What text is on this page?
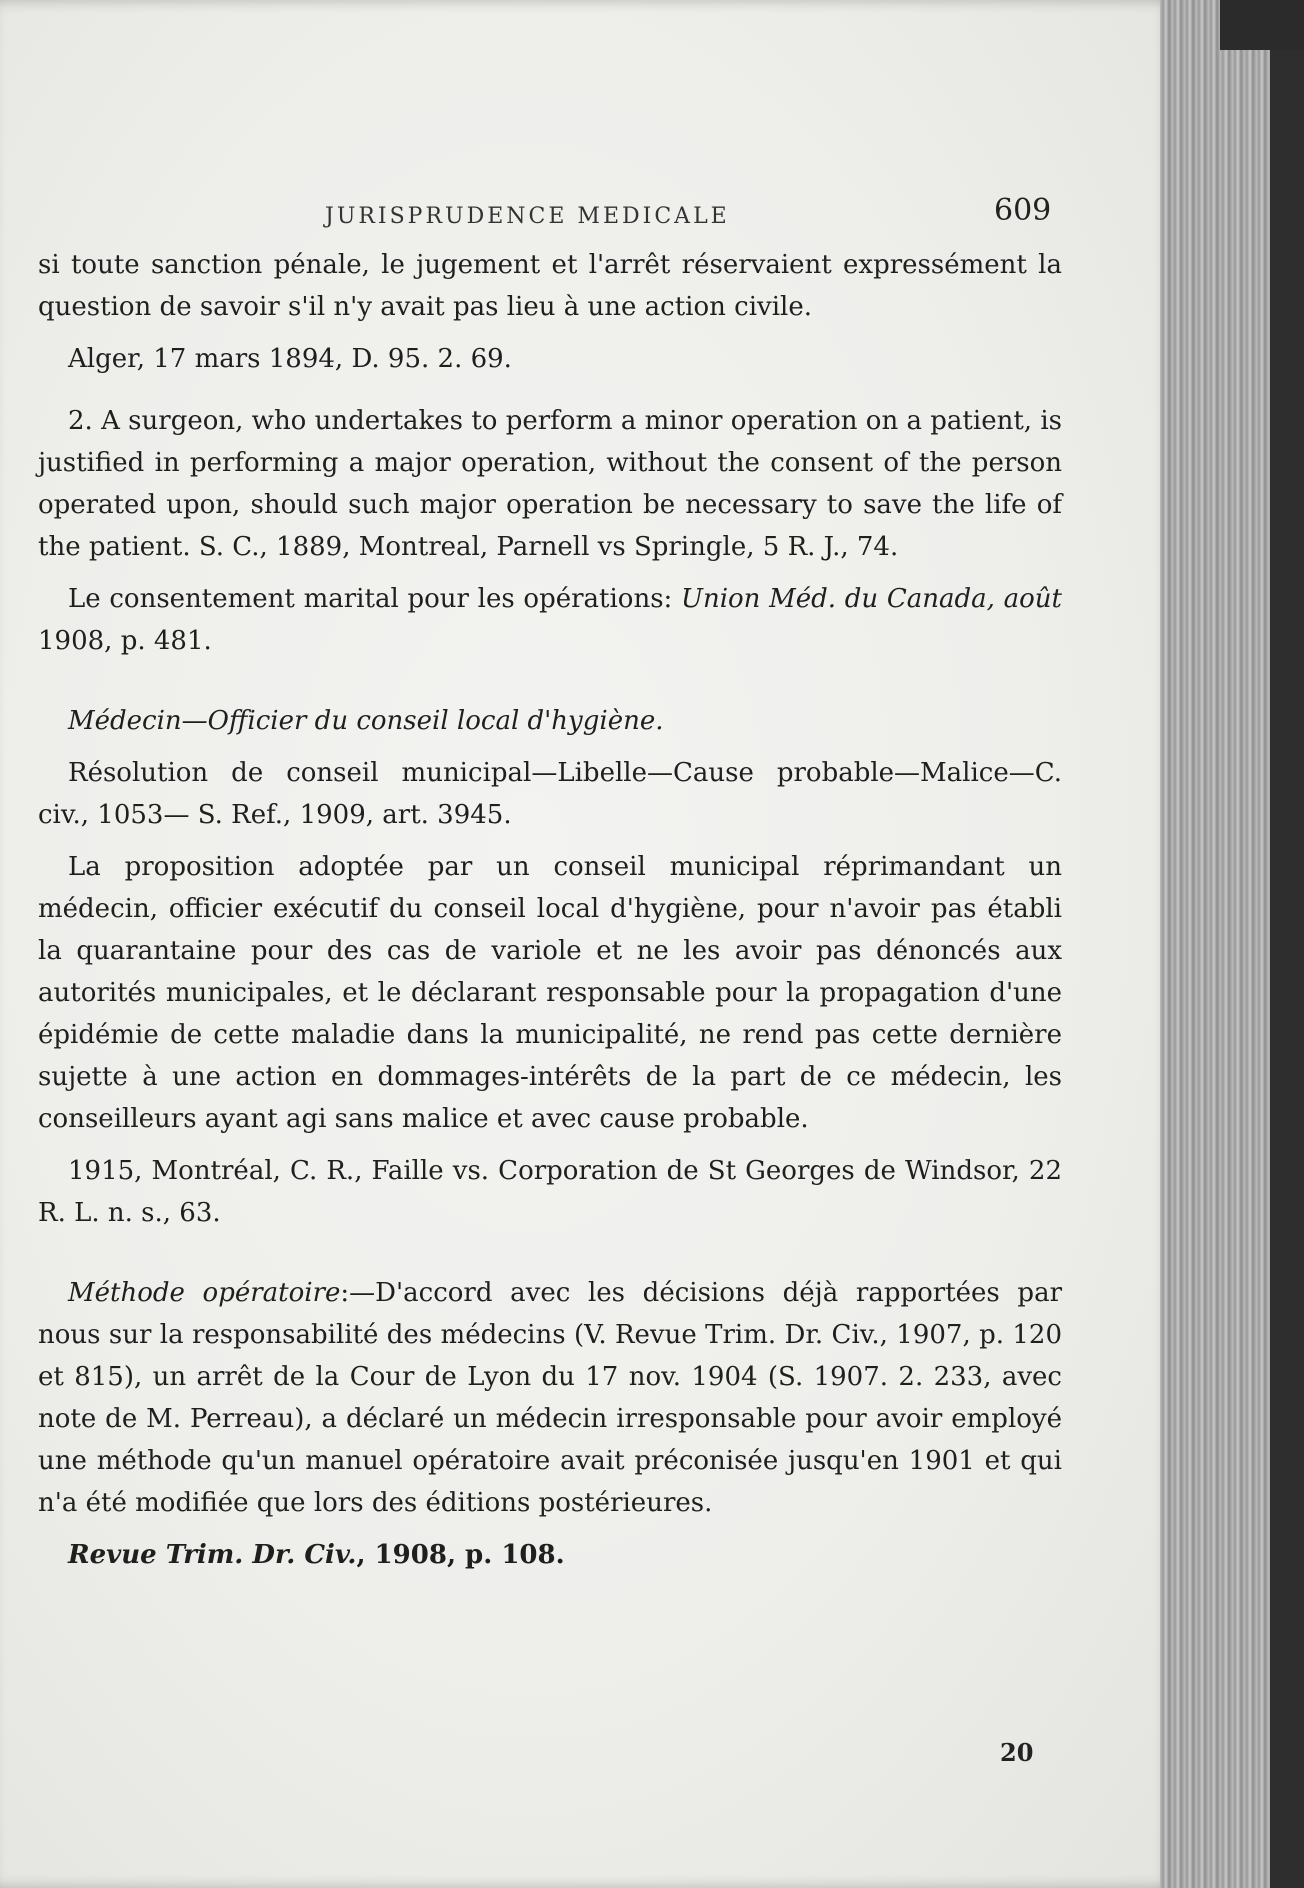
JURISPRUDENCE MEDICALE	609

si toute sanction pénale, le jugement et l'arrêt réservaient expressément la question de savoir s'il n'y avait pas lieu à une action civile.

Alger, 17 mars 1894, D. 95. 2. 69.

2. A surgeon, who undertakes to perform a minor operation on a patient, is justified in performing a major operation, without the consent of the person operated upon, should such major operation be necessary to save the life of the patient. S. C., 1889, Montreal, Parnell vs Springle, 5 R. J., 74.

Le consentement marital pour les opérations: Union Méd. du Canada, août 1908, p. 481.

Médecin—Officier du conseil local d'hygiène.

Résolution de conseil municipal—Libelle—Cause probable—Malice—C. civ., 1053— S. Ref., 1909, art. 3945.

La proposition adoptée par un conseil municipal réprimandant un médecin, officier exécutif du conseil local d'hygiène, pour n'avoir pas établi la quarantaine pour des cas de variole et ne les avoir pas dénoncés aux autorités municipales, et le déclarant responsable pour la propagation d'une épidémie de cette maladie dans la municipalité, ne rend pas cette dernière sujette à une action en dommages-intérêts de la part de ce médecin, les conseilleurs ayant agi sans malice et avec cause probable.

1915, Montréal, C. R., Faille vs. Corporation de St Georges de Windsor, 22 R. L. n. s., 63.

Méthode opératoire:—D'accord avec les décisions déjà rapportées par nous sur la responsabilité des médecins (V. Revue Trim. Dr. Civ., 1907, p. 120 et 815), un arrêt de la Cour de Lyon du 17 nov. 1904 (S. 1907. 2. 233, avec note de M. Perreau), a déclaré un médecin irresponsable pour avoir employé une méthode qu'un manuel opératoire avait préconisée jusqu'en 1901 et qui n'a été modifiée que lors des éditions postérieures.

Revue Trim. Dr. Civ., 1908, p. 108.

20
